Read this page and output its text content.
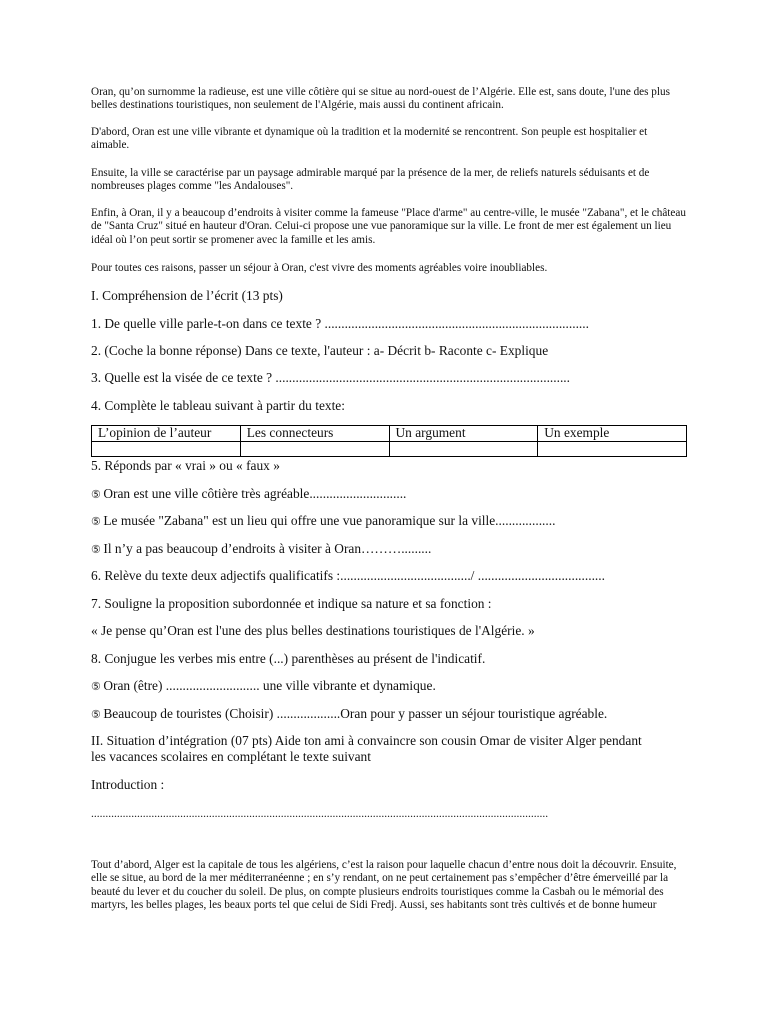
Oran, qu’on surnomme la radieuse, est une ville côtière qui se situe au nord-ouest de l’Algérie. Elle est, sans doute, l'une des plus belles destinations touristiques, non seulement de l'Algérie, mais aussi du continent africain.

D'abord, Oran est une ville vibrante et dynamique où la tradition et la modernité se rencontrent. Son peuple est hospitalier et aimable.

Ensuite, la ville se caractérise par un paysage admirable marqué par la présence de la mer, de reliefs naturels séduisants et de nombreuses plages comme "les Andalouses".

Enfin, à Oran, il y a beaucoup d’endroits à visiter comme la fameuse "Place d'arme" au centre-ville, le musée "Zabana", et le château de "Santa Cruz" situé en hauteur d'Oran. Celui-ci propose une vue panoramique sur la ville. Le front de mer est également un lieu idéal où l’on peut sortir se promener avec la famille et les amis.

Pour toutes ces raisons, passer un séjour à Oran, c'est vivre des moments agréables voire inoubliables.

I. Compréhension de l’écrit (13 pts)

1. De quelle ville parle-t-on dans ce texte ? ...............................................................................

2. (Coche la bonne réponse) Dans ce texte, l'auteur : a- Décrit b- Raconte c- Explique

3. Quelle est la visée de ce texte ? ........................................................................................

4. Complète le tableau suivant à partir du texte:

L’opinion de l’auteur	Les connecteurs	Un argument	Un exemple

5. Réponds par « vrai » ou « faux »

⑤ Oran est une ville côtière très agréable.............................

⑤ Le musée "Zabana" est un lieu qui offre une vue panoramique sur la ville..................

⑤ Il n’y a pas beaucoup d’endroits à visiter à Oran……….........

6. Relève du texte deux adjectifs qualificatifs :......................................./ ......................................

7. Souligne la proposition subordonnée et indique sa nature et sa fonction :

« Je pense qu’Oran est l'une des plus belles destinations touristiques de l'Algérie. »

8. Conjugue les verbes mis entre (...) parenthèses au présent de l'indicatif.

⑤ Oran (être) ............................ une ville vibrante et dynamique.

⑤ Beaucoup de touristes (Choisir) ...................Oran pour y passer un séjour touristique agréable.

II. Situation d’intégration (07 pts) Aide ton ami à convaincre son cousin Omar de visiter Alger pendant les vacances scolaires en complétant le texte suivant

Introduction :

...............................................................................................................................................................

Tout d’abord, Alger est la capitale de tous les algériens, c’est la raison pour laquelle chacun d’entre nous doit la découvrir. Ensuite, elle se situe, au bord de la mer méditerranéenne ; en s’y rendant, on ne peut certainement pas s’empêcher d’être émerveillé par la beauté du lever et du coucher du soleil. De plus, on compte plusieurs endroits touristiques comme la Casbah ou le mémorial des martyrs, les belles plages, les beaux ports tel que celui de Sidi Fredj. Aussi, ses habitants sont très cultivés et de bonne humeur
